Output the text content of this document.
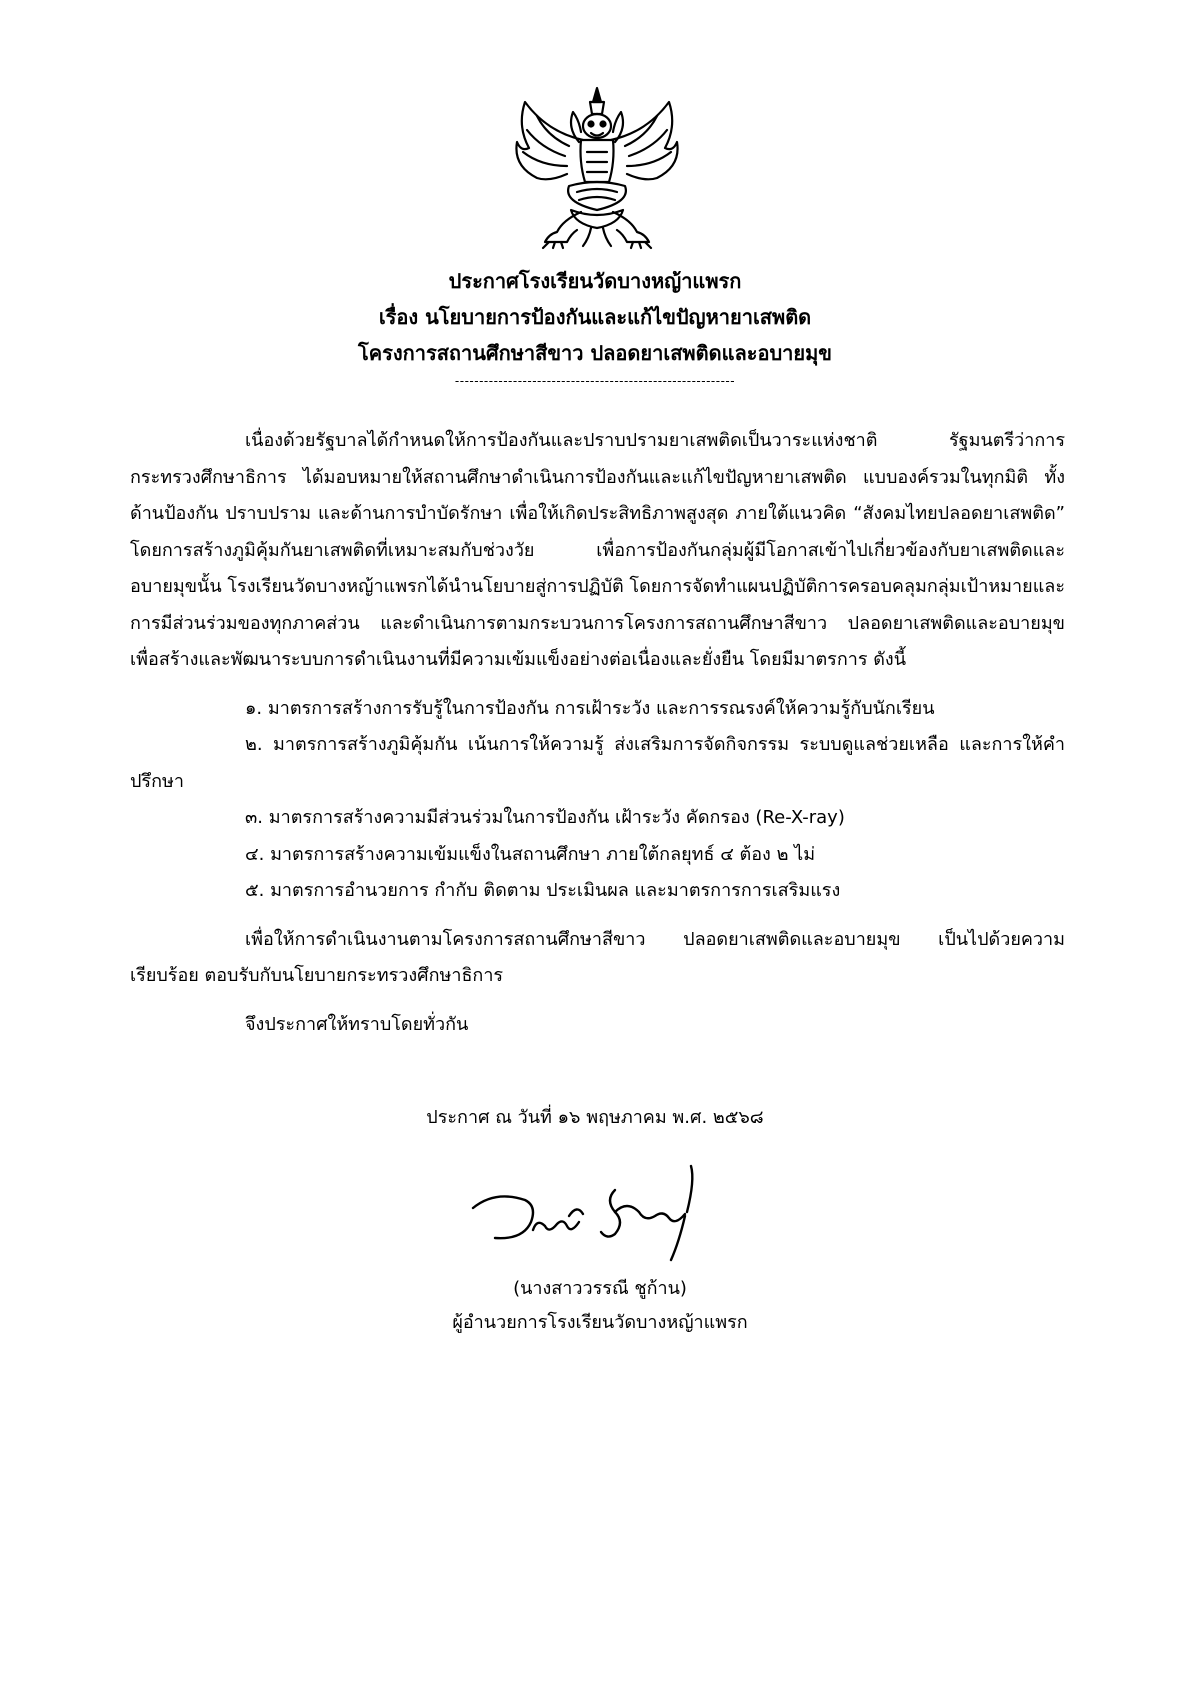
ประกาศโรงเรียนวัดบางหญ้าแพรก
เรื่อง นโยบายการป้องกันและแก้ไขปัญหายาเสพติด
โครงการสถานศึกษาสีขาว ปลอดยาเสพติดและอบายมุข
----------------------------------------------------------

เนื่องด้วยรัฐบาลได้กำหนดให้การป้องกันและปราบปรามยาเสพติดเป็นวาระแห่งชาติ รัฐมนตรีว่าการกระทรวงศึกษาธิการ ได้มอบหมายให้สถานศึกษาดำเนินการป้องกันและแก้ไขปัญหายาเสพติด แบบองค์รวมในทุกมิติ ทั้งด้านป้องกัน ปราบปราม และด้านการบำบัดรักษา เพื่อให้เกิดประสิทธิภาพสูงสุด ภายใต้แนวคิด “สังคมไทยปลอดยาเสพติด” โดยการสร้างภูมิคุ้มกันยาเสพติดที่เหมาะสมกับช่วงวัย เพื่อการป้องกันกลุ่มผู้มีโอกาสเข้าไปเกี่ยวข้องกับยาเสพติดและอบายมุขนั้น โรงเรียนวัดบางหญ้าแพรกได้นำนโยบายสู่การปฏิบัติ โดยการจัดทำแผนปฏิบัติการครอบคลุมกลุ่มเป้าหมายและการมีส่วนร่วมของทุกภาคส่วน และดำเนินการตามกระบวนการโครงการสถานศึกษาสีขาว ปลอดยาเสพติดและอบายมุข เพื่อสร้างและพัฒนาระบบการดำเนินงานที่มีความเข้มแข็งอย่างต่อเนื่องและยั่งยืน โดยมีมาตรการ ดังนี้

๑. มาตรการสร้างการรับรู้ในการป้องกัน การเฝ้าระวัง และการรณรงค์ให้ความรู้กับนักเรียน

๒. มาตรการสร้างภูมิคุ้มกัน เน้นการให้ความรู้ ส่งเสริมการจัดกิจกรรม ระบบดูแลช่วยเหลือ และการให้คำปรึกษา

๓. มาตรการสร้างความมีส่วนร่วมในการป้องกัน เฝ้าระวัง คัดกรอง (Re-X-ray)

๔. มาตรการสร้างความเข้มแข็งในสถานศึกษา ภายใต้กลยุทธ์ ๔ ต้อง ๒ ไม่

๕. มาตรการอำนวยการ กำกับ ติดตาม ประเมินผล และมาตรการการเสริมแรง

เพื่อให้การดำเนินงานตามโครงการสถานศึกษาสีขาว ปลอดยาเสพติดและอบายมุข เป็นไปด้วยความเรียบร้อย ตอบรับกับนโยบายกระทรวงศึกษาธิการ

จึงประกาศให้ทราบโดยทั่วกัน

ประกาศ ณ วันที่ ๑๖ พฤษภาคม พ.ศ. ๒๕๖๘
(นางสาววรรณี ชูก้าน)
ผู้อำนวยการโรงเรียนวัดบางหญ้าแพรก
